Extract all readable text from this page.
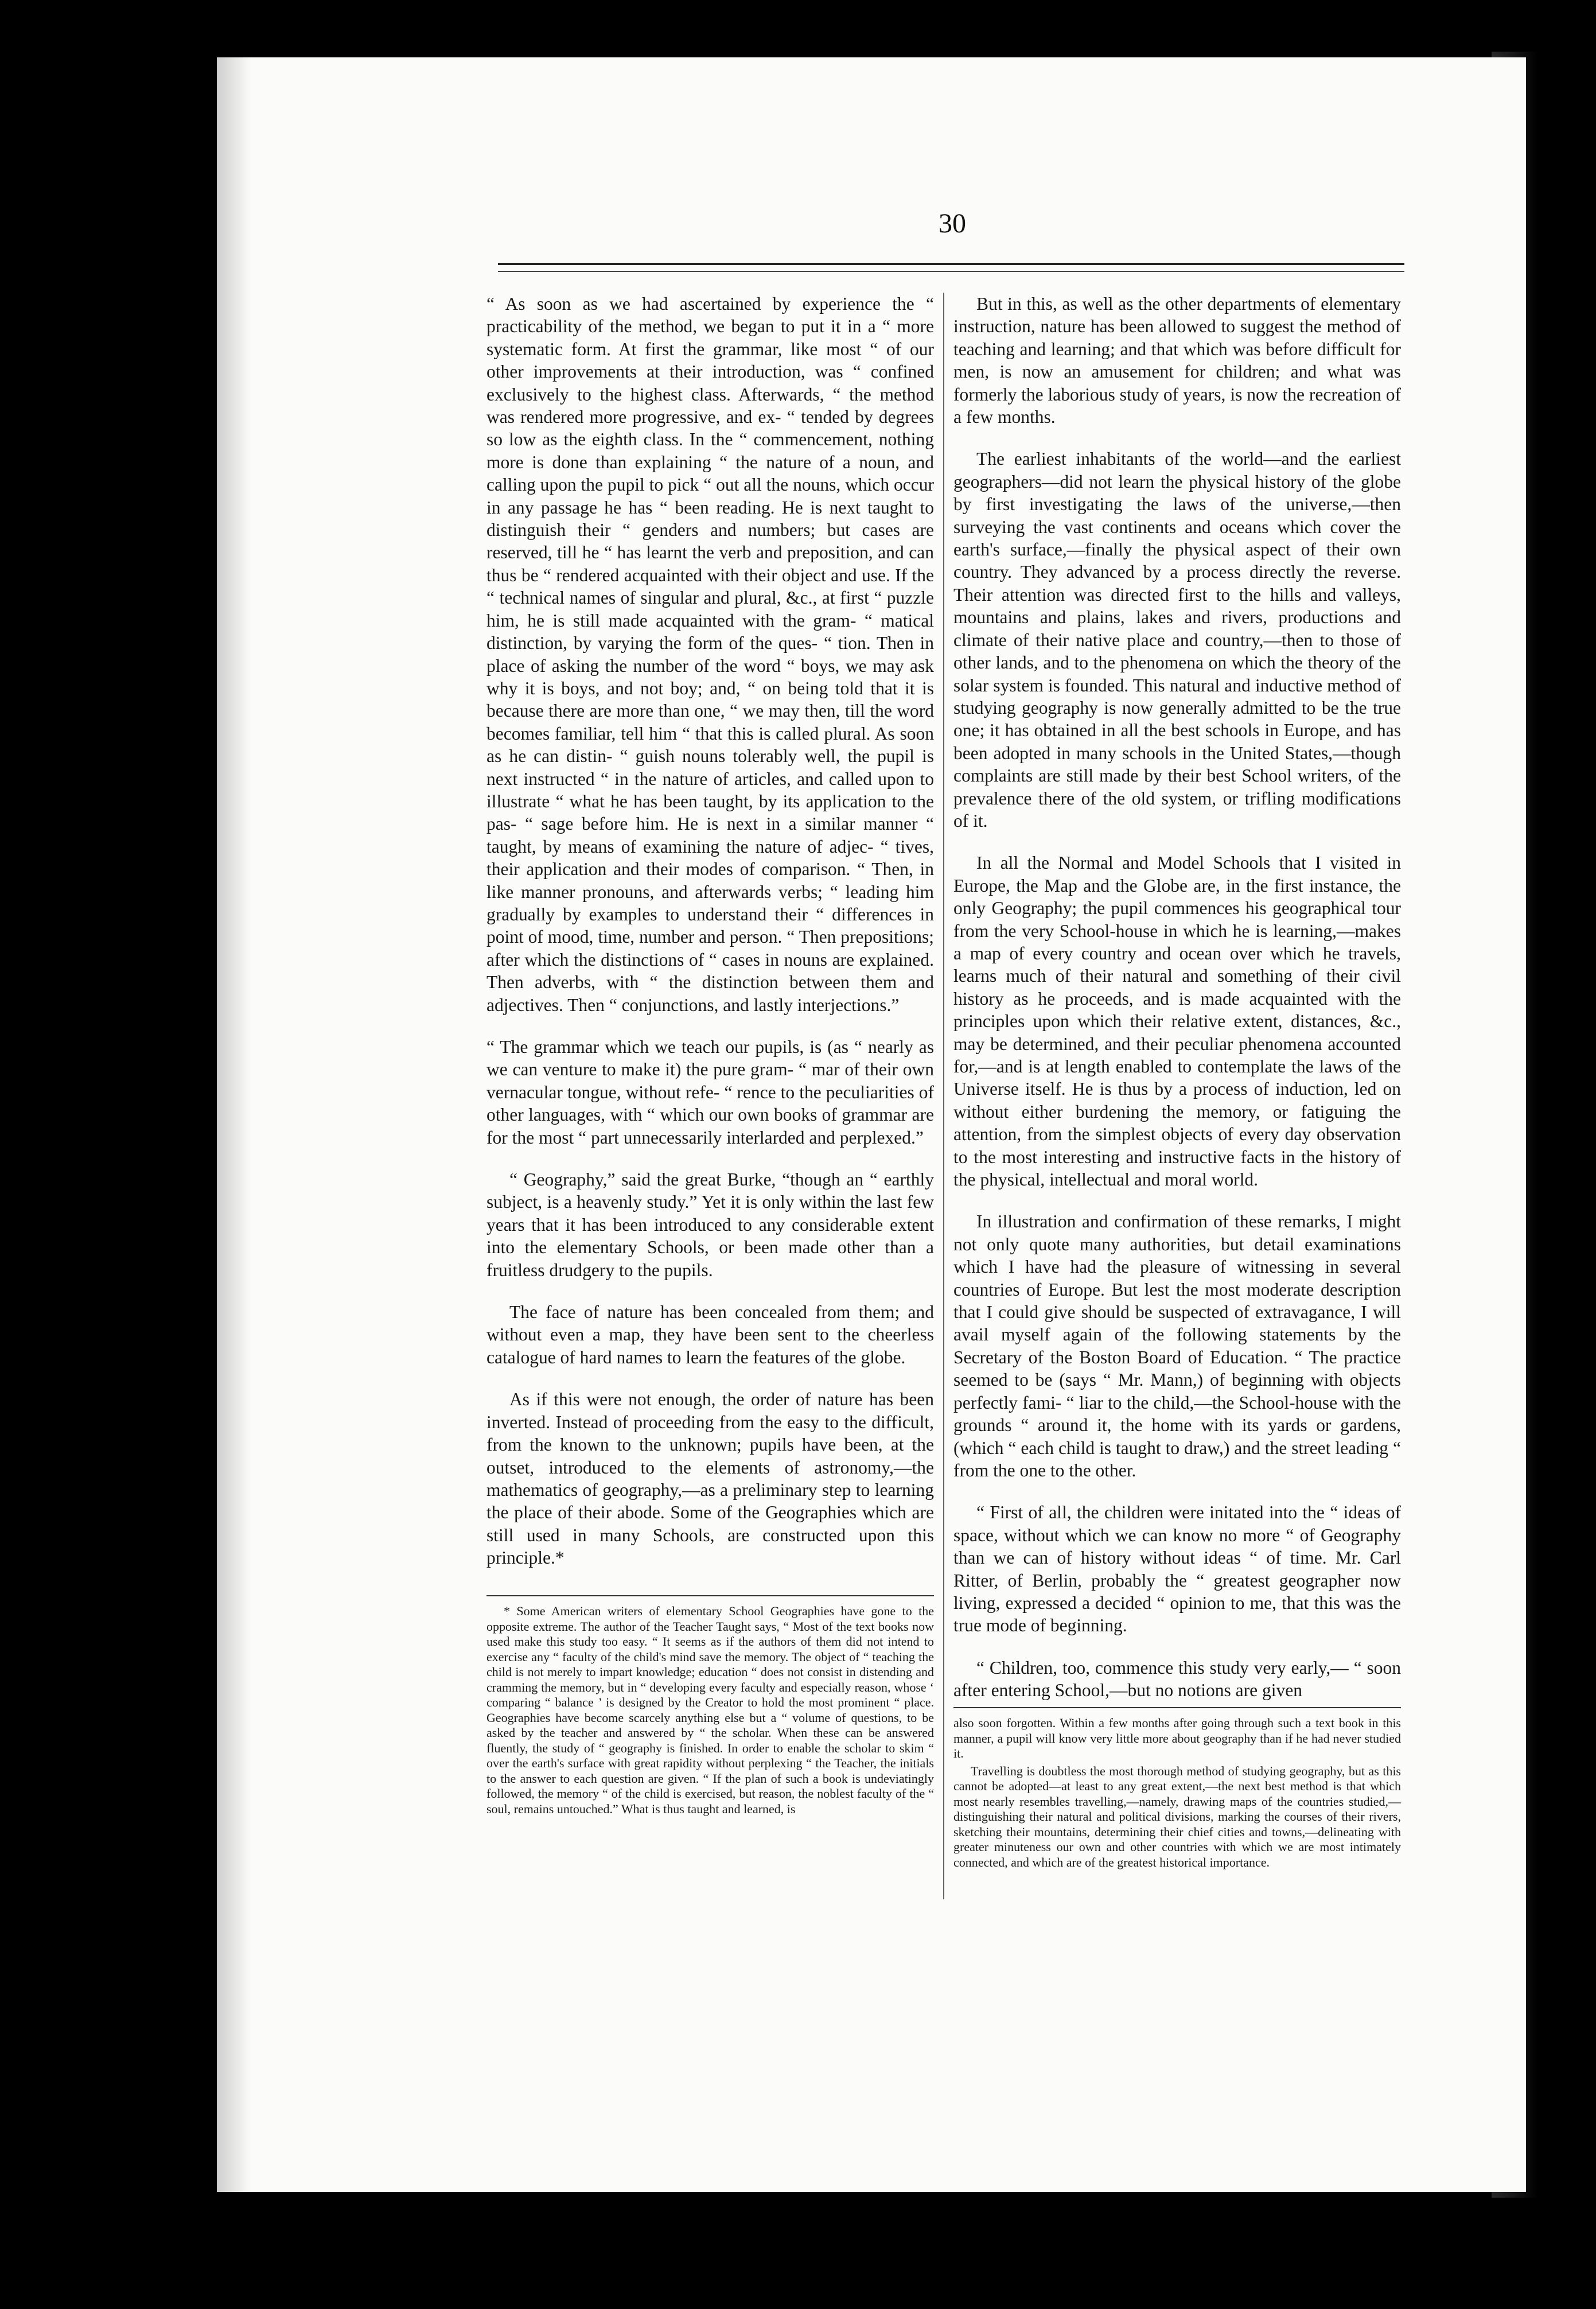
30

“ As soon as we had ascertained by experience the “ practicability of the method, we began to put it in a “ more systematic form. At first the grammar, like most “ of our other improvements at their introduction, was “ confined exclusively to the highest class. Afterwards, “ the method was rendered more progressive, and ex- “ tended by degrees so low as the eighth class. In the “ commencement, nothing more is done than explaining “ the nature of a noun, and calling upon the pupil to pick “ out all the nouns, which occur in any passage he has “ been reading. He is next taught to distinguish their “ genders and numbers; but cases are reserved, till he “ has learnt the verb and preposition, and can thus be “ rendered acquainted with their object and use. If the “ technical names of singular and plural, &c., at first “ puzzle him, he is still made acquainted with the gram- “ matical distinction, by varying the form of the ques- “ tion. Then in place of asking the number of the word “ boys, we may ask why it is boys, and not boy; and, “ on being told that it is because there are more than one, “ we may then, till the word becomes familiar, tell him “ that this is called plural. As soon as he can distin- “ guish nouns tolerably well, the pupil is next instructed “ in the nature of articles, and called upon to illustrate “ what he has been taught, by its application to the pas- “ sage before him. He is next in a similar manner “ taught, by means of examining the nature of adjec- “ tives, their application and their modes of comparison. “ Then, in like manner pronouns, and afterwards verbs; “ leading him gradually by examples to understand their “ differences in point of mood, time, number and person. “ Then prepositions; after which the distinctions of “ cases in nouns are explained. Then adverbs, with “ the distinction between them and adjectives. Then “ conjunctions, and lastly interjections.”

“ The grammar which we teach our pupils, is (as “ nearly as we can venture to make it) the pure gram- “ mar of their own vernacular tongue, without refe- “ rence to the peculiarities of other languages, with “ which our own books of grammar are for the most “ part unnecessarily interlarded and perplexed.”

“ Geography,” said the great Burke, “though an “ earthly subject, is a heavenly study.” Yet it is only within the last few years that it has been introduced to any considerable extent into the elementary Schools, or been made other than a fruitless drudgery to the pupils.

The face of nature has been concealed from them; and without even a map, they have been sent to the cheerless catalogue of hard names to learn the features of the globe.

As if this were not enough, the order of nature has been inverted. Instead of proceeding from the easy to the difficult, from the known to the unknown; pupils have been, at the outset, introduced to the elements of astronomy,—the mathematics of geography,—as a preliminary step to learning the place of their abode. Some of the Geographies which are still used in many Schools, are constructed upon this principle.*

* Some American writers of elementary School Geographies have gone to the opposite extreme. The author of the Teacher Taught says, “ Most of the text books now used make this study too easy. “ It seems as if the authors of them did not intend to exercise any “ faculty of the child's mind save the memory. The object of “ teaching the child is not merely to impart knowledge; education “ does not consist in distending and cramming the memory, but in “ developing every faculty and especially reason, whose ‘ comparing “ balance ’ is designed by the Creator to hold the most prominent “ place. Geographies have become scarcely anything else but a “ volume of questions, to be asked by the teacher and answered by “ the scholar. When these can be answered fluently, the study of “ geography is finished. In order to enable the scholar to skim “ over the earth's surface with great rapidity without perplexing “ the Teacher, the initials to the answer to each question are given. “ If the plan of such a book is undeviatingly followed, the memory “ of the child is exercised, but reason, the noblest faculty of the “ soul, remains untouched.” What is thus taught and learned, is

But in this, as well as the other departments of elementary instruction, nature has been allowed to suggest the method of teaching and learning; and that which was before difficult for men, is now an amusement for children; and what was formerly the laborious study of years, is now the recreation of a few months.

The earliest inhabitants of the world—and the earliest geographers—did not learn the physical history of the globe by first investigating the laws of the universe,—then surveying the vast continents and oceans which cover the earth's surface,—finally the physical aspect of their own country. They advanced by a process directly the reverse. Their attention was directed first to the hills and valleys, mountains and plains, lakes and rivers, productions and climate of their native place and country,—then to those of other lands, and to the phenomena on which the theory of the solar system is founded. This natural and inductive method of studying geography is now generally admitted to be the true one; it has obtained in all the best schools in Europe, and has been adopted in many schools in the United States,—though complaints are still made by their best School writers, of the prevalence there of the old system, or trifling modifications of it.

In all the Normal and Model Schools that I visited in Europe, the Map and the Globe are, in the first instance, the only Geography; the pupil commences his geographical tour from the very School-house in which he is learning,—makes a map of every country and ocean over which he travels, learns much of their natural and something of their civil history as he proceeds, and is made acquainted with the principles upon which their relative extent, distances, &c., may be determined, and their peculiar phenomena accounted for,—and is at length enabled to contemplate the laws of the Universe itself. He is thus by a process of induction, led on without either burdening the memory, or fatiguing the attention, from the simplest objects of every day observation to the most interesting and instructive facts in the history of the physical, intellectual and moral world.

In illustration and confirmation of these remarks, I might not only quote many authorities, but detail examinations which I have had the pleasure of witnessing in several countries of Europe. But lest the most moderate description that I could give should be suspected of extravagance, I will avail myself again of the following statements by the Secretary of the Boston Board of Education. “ The practice seemed to be (says “ Mr. Mann,) of beginning with objects perfectly fami- “ liar to the child,—the School-house with the grounds “ around it, the home with its yards or gardens, (which “ each child is taught to draw,) and the street leading “ from the one to the other.

“ First of all, the children were initated into the “ ideas of space, without which we can know no more “ of Geography than we can of history without ideas “ of time. Mr. Carl Ritter, of Berlin, probably the “ greatest geographer now living, expressed a decided “ opinion to me, that this was the true mode of beginning.

“ Children, too, commence this study very early,— “ soon after entering School,—but no notions are given

also soon forgotten. Within a few months after going through such a text book in this manner, a pupil will know very little more about geography than if he had never studied it.

Travelling is doubtless the most thorough method of studying geography, but as this cannot be adopted—at least to any great extent,—the next best method is that which most nearly resembles travelling,—namely, drawing maps of the countries studied,—distinguishing their natural and political divisions, marking the courses of their rivers, sketching their mountains, determining their chief cities and towns,—delineating with greater minuteness our own and other countries with which we are most intimately connected, and which are of the greatest historical importance.
